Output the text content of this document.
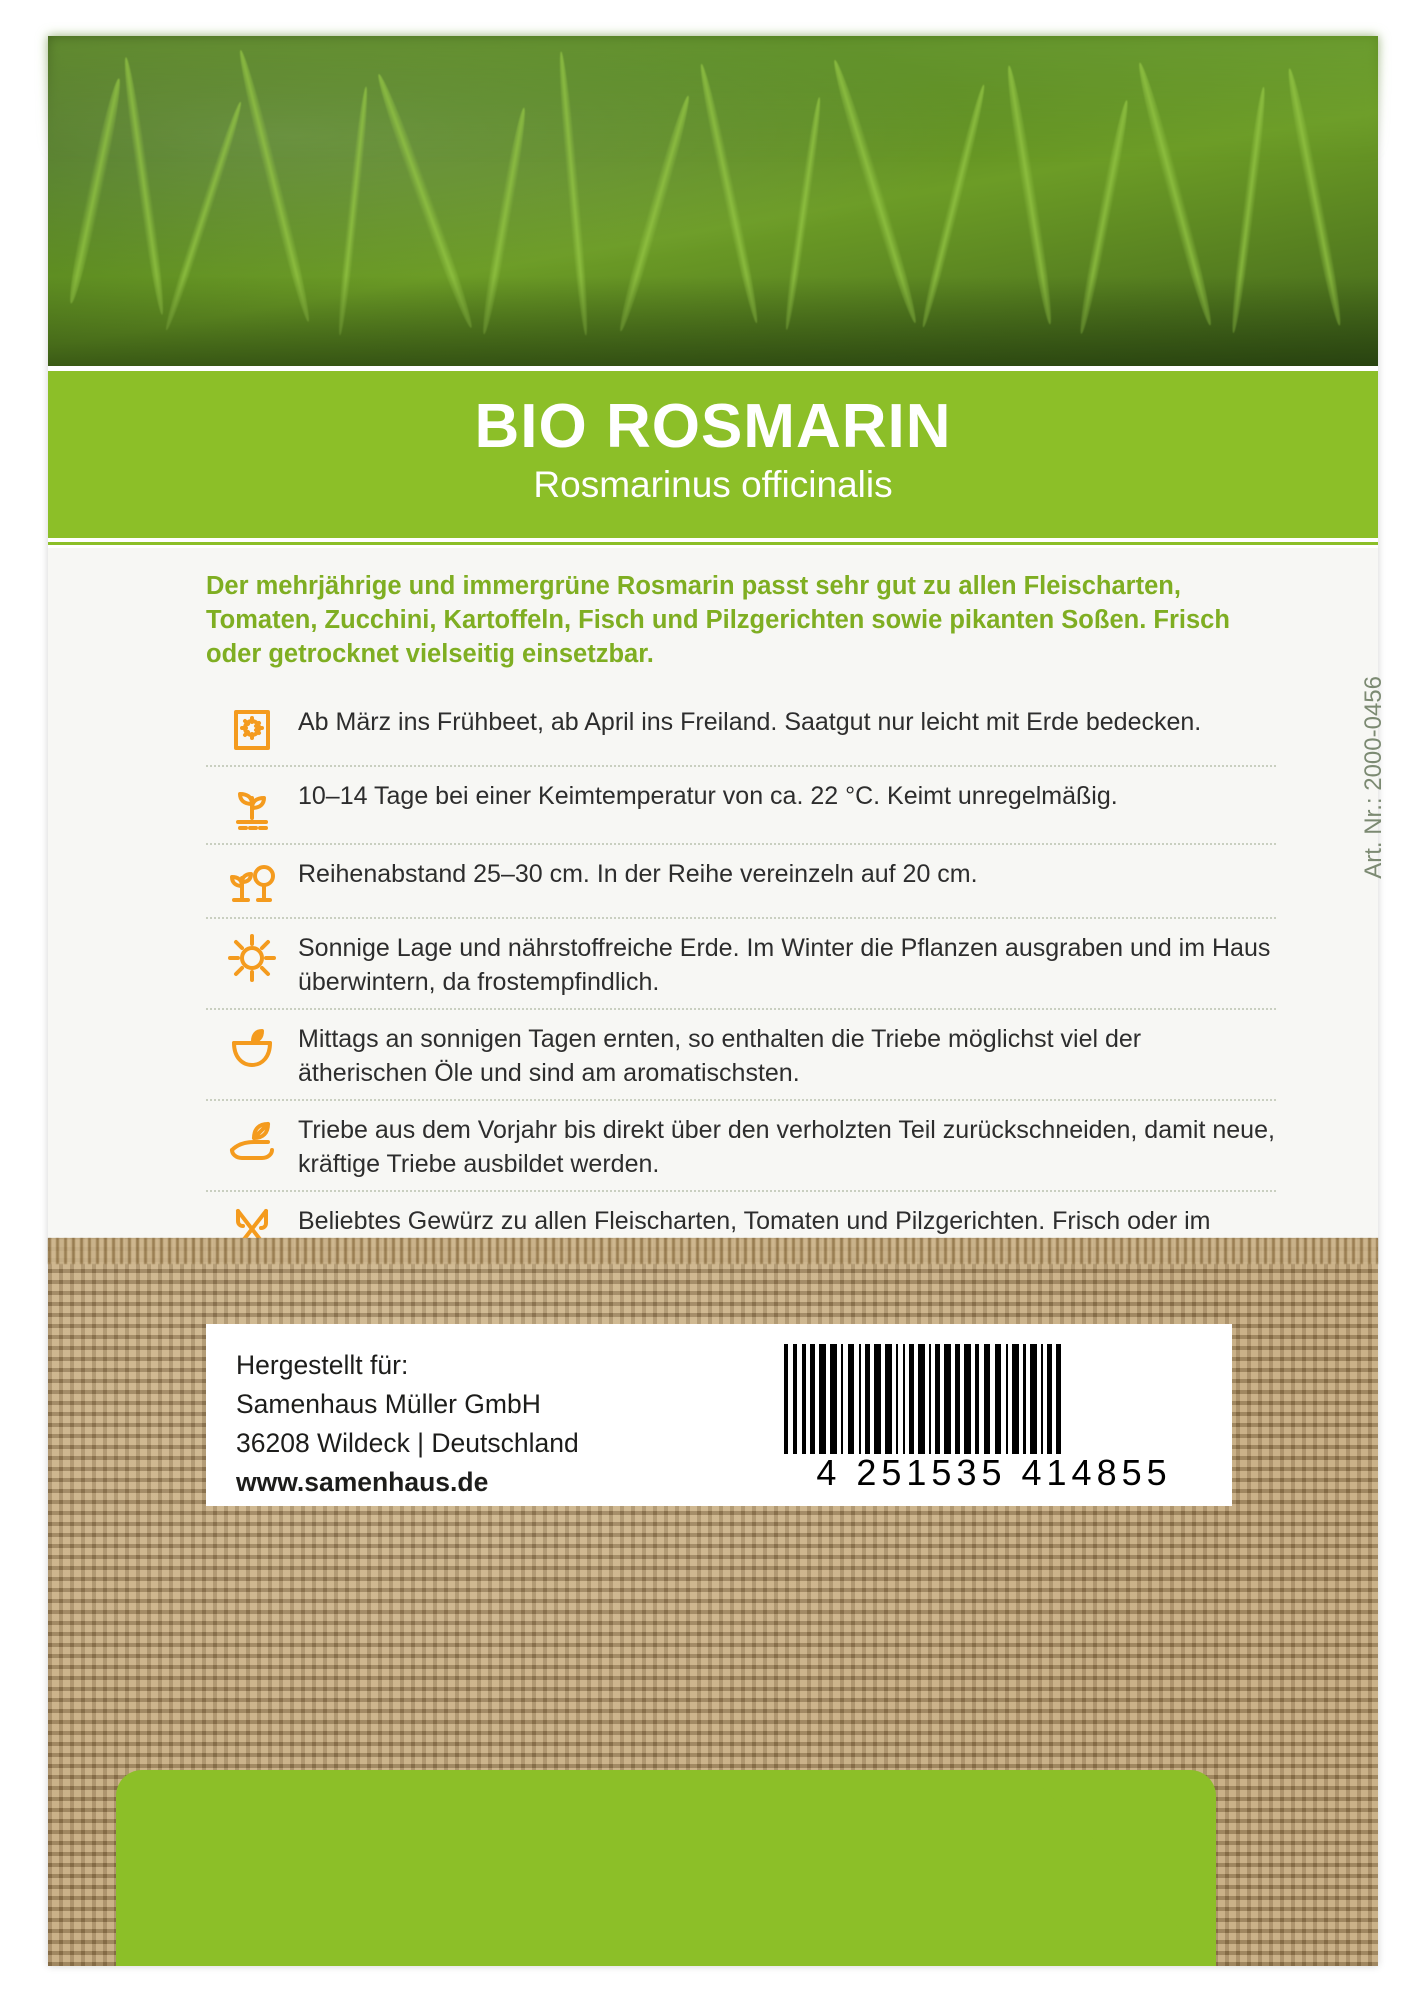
BIO ROSMARIN
Rosmarinus officinalis
Der mehrjährige und immergrüne Rosmarin passt sehr gut zu allen Fleischarten, Tomaten, Zucchini, Kartoffeln, Fisch und Pilzgerichten sowie pikanten Soßen. Frisch oder getrocknet vielseitig einsetzbar.
Ab März ins Frühbeet, ab April ins Freiland. Saatgut nur leicht mit Erde bedecken.
10–14 Tage bei einer Keimtemperatur von ca. 22 °C. Keimt unregelmäßig.
Reihenabstand 25–30 cm. In der Reihe vereinzeln auf 20 cm.
Sonnige Lage und nährstoffreiche Erde. Im Winter die Pflanzen ausgraben und im Haus überwintern, da frostempfindlich.
Mittags an sonnigen Tagen ernten, so enthalten die Triebe möglichst viel der ätherischen Öle und sind am aromatischsten.
Triebe aus dem Vorjahr bis direkt über den verholzten Teil zurückschneiden, damit neue, kräftige Triebe ausbildet werden.
Beliebtes Gewürz zu allen Fleischarten, Tomaten und Pilzgerichten. Frisch oder im
Art. Nr.: 2000-0456
Hergestellt für:
Samenhaus Müller GmbH
36208 Wildeck | Deutschland
www.samenhaus.de	4 251535 414855
